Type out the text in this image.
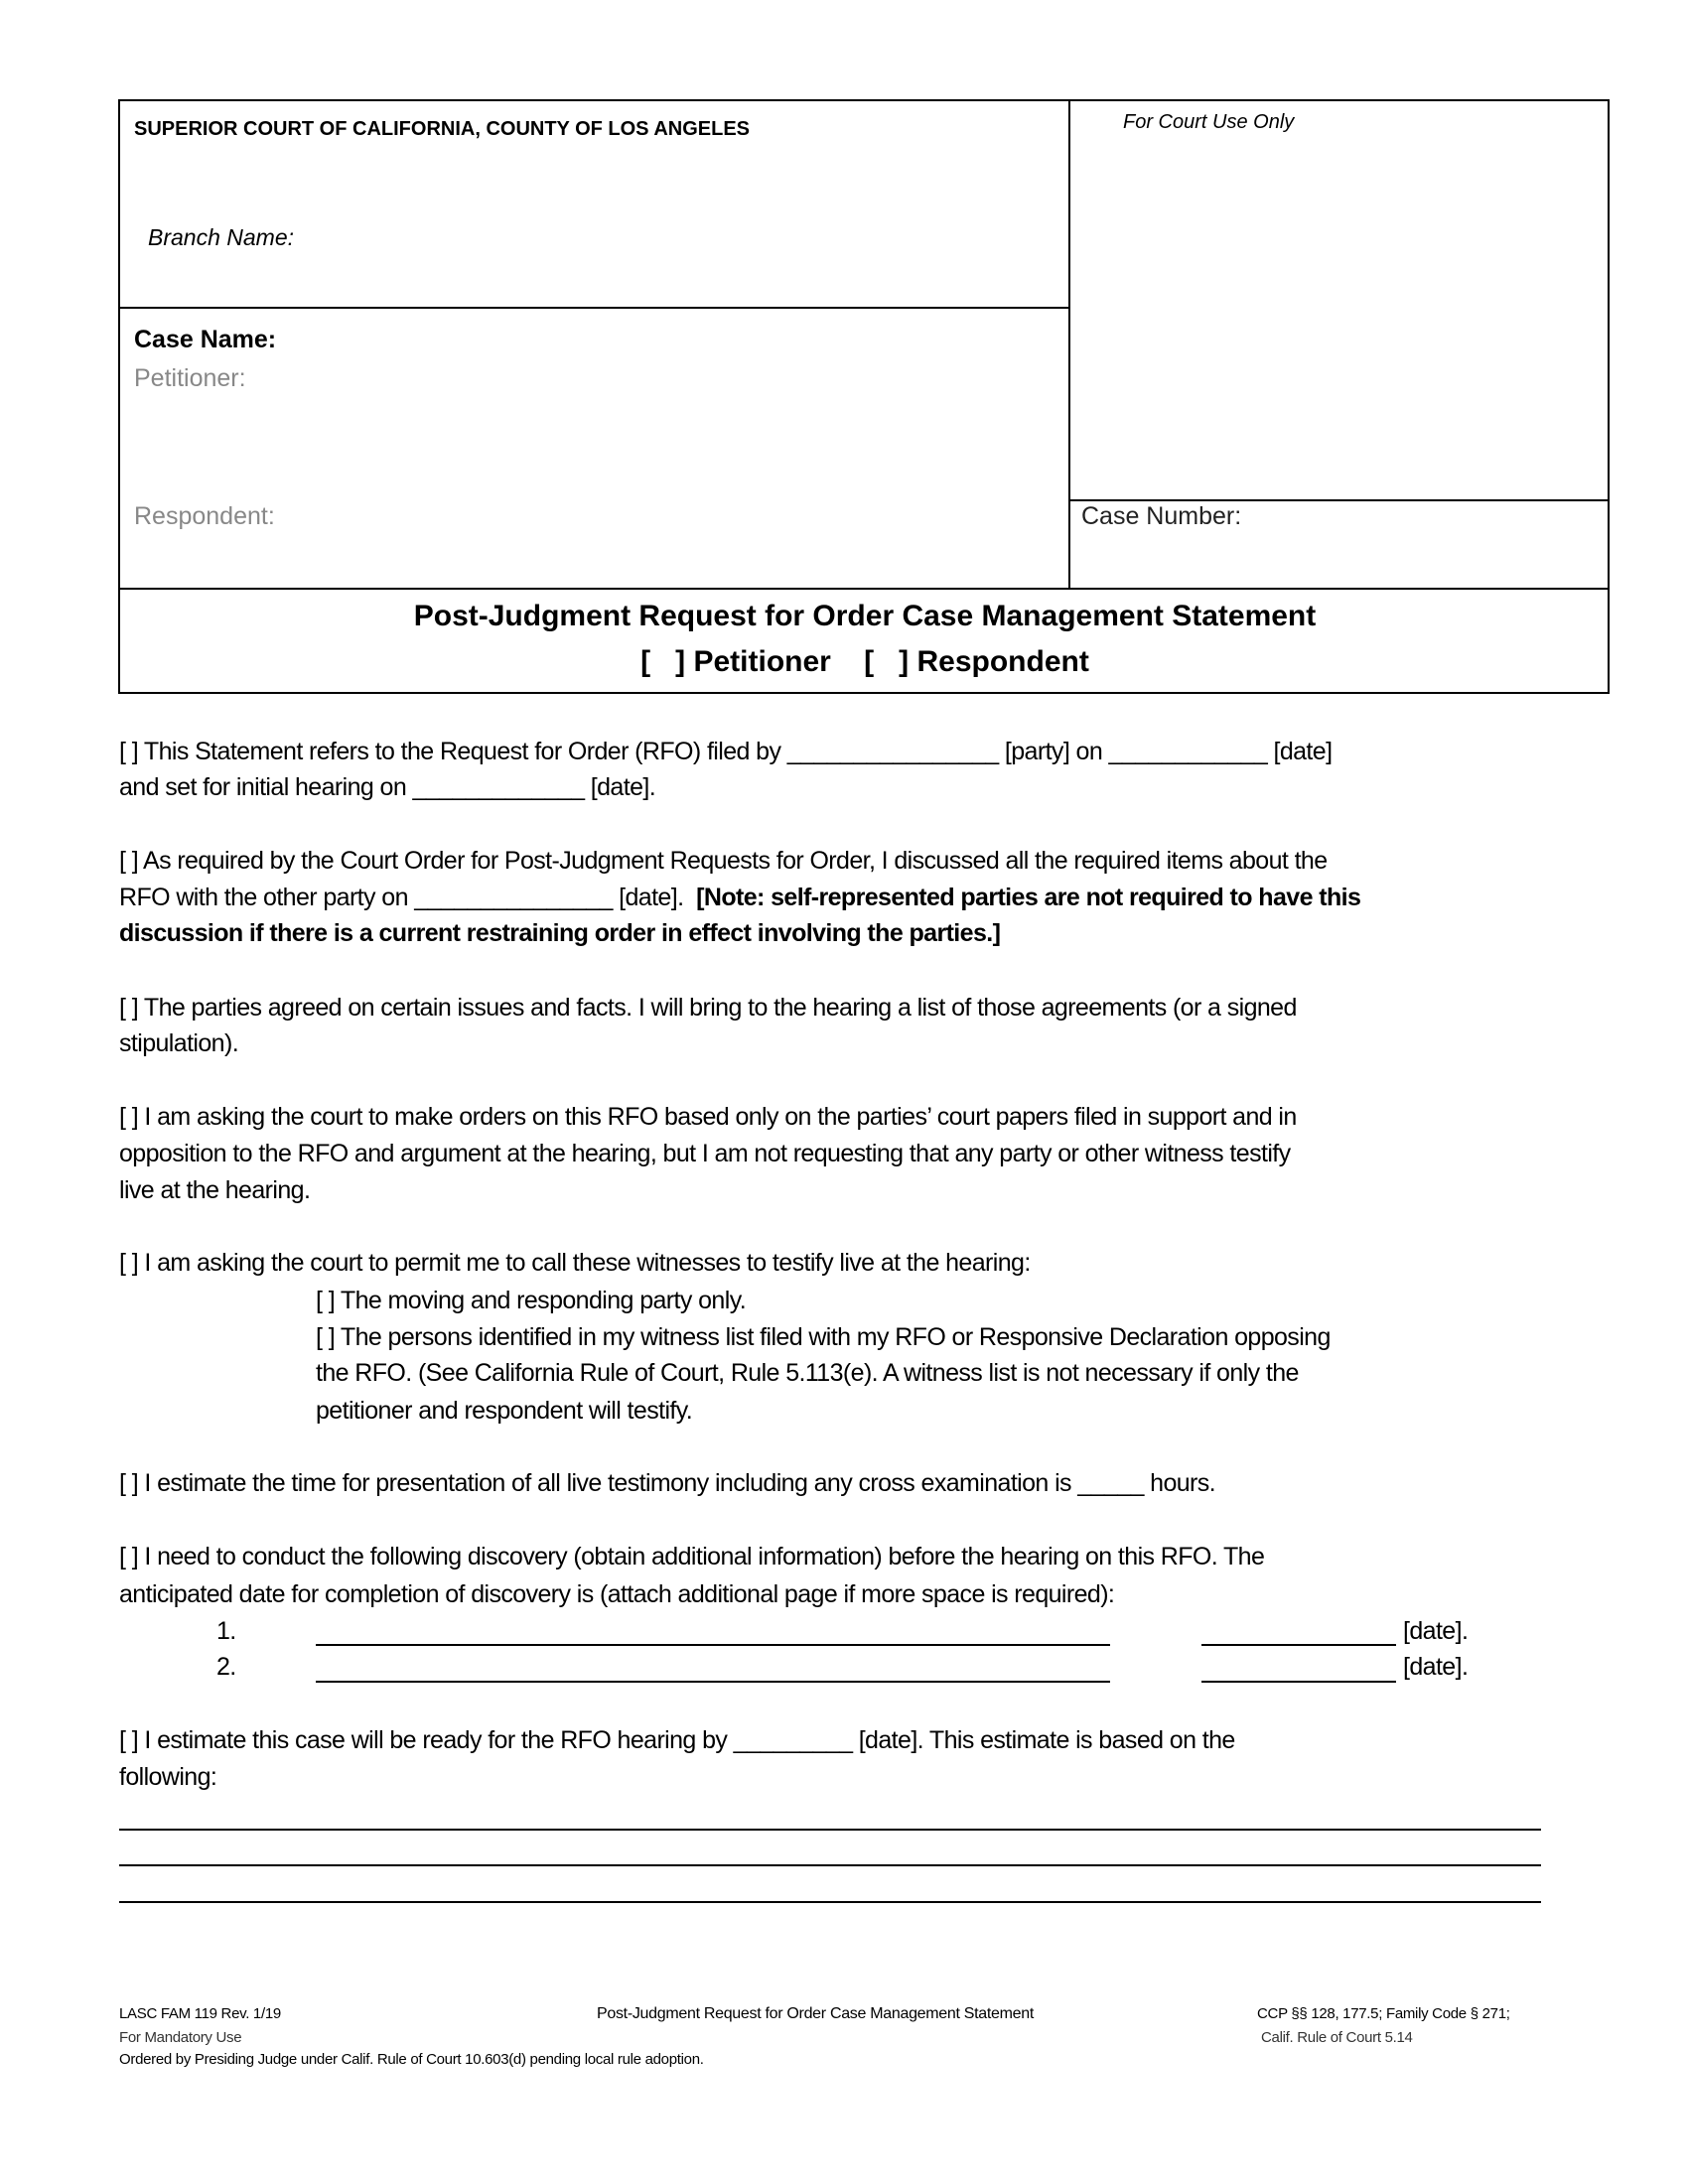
SUPERIOR COURT OF CALIFORNIA, COUNTY OF LOS ANGELES	For Court Use Only
Branch Name:
Case Name:
Petitioner:
Respondent:	Case Number:
Post-Judgment Request for Order Case Management Statement
[   ] Petitioner    [   ] Respondent
[ ] This Statement refers to the Request for Order (RFO) filed by ________________ [party] on ____________ [date]
and set for initial hearing on _____________ [date].
[ ] As required by the Court Order for Post-Judgment Requests for Order, I discussed all the required items about the
RFO with the other party on _______________ [date]. [Note: self-represented parties are not required to have this
discussion if there is a current restraining order in effect involving the parties.]
[ ] The parties agreed on certain issues and facts. I will bring to the hearing a list of those agreements (or a signed
stipulation).
[ ] I am asking the court to make orders on this RFO based only on the parties’ court papers filed in support and in
opposition to the RFO and argument at the hearing, but I am not requesting that any party or other witness testify
live at the hearing.
[ ] I am asking the court to permit me to call these witnesses to testify live at the hearing:
[ ] The moving and responding party only.
[ ] The persons identified in my witness list filed with my RFO or Responsive Declaration opposing
the RFO. (See California Rule of Court, Rule 5.113(e). A witness list is not necessary if only the
petitioner and respondent will testify.
[ ] I estimate the time for presentation of all live testimony including any cross examination is _____ hours.
[ ] I need to conduct the following discovery (obtain additional information) before the hearing on this RFO. The
anticipated date for completion of discovery is (attach additional page if more space is required):
1.	[date].
2.	[date].
[ ] I estimate this case will be ready for the RFO hearing by _________ [date]. This estimate is based on the
following:
LASC FAM 119 Rev. 1/19
For Mandatory Use
Ordered by Presiding Judge under Calif. Rule of Court 10.603(d) pending local rule adoption.
Post-Judgment Request for Order Case Management Statement	CCP §§ 128, 177.5; Family Code § 271;
Calif. Rule of Court 5.14
